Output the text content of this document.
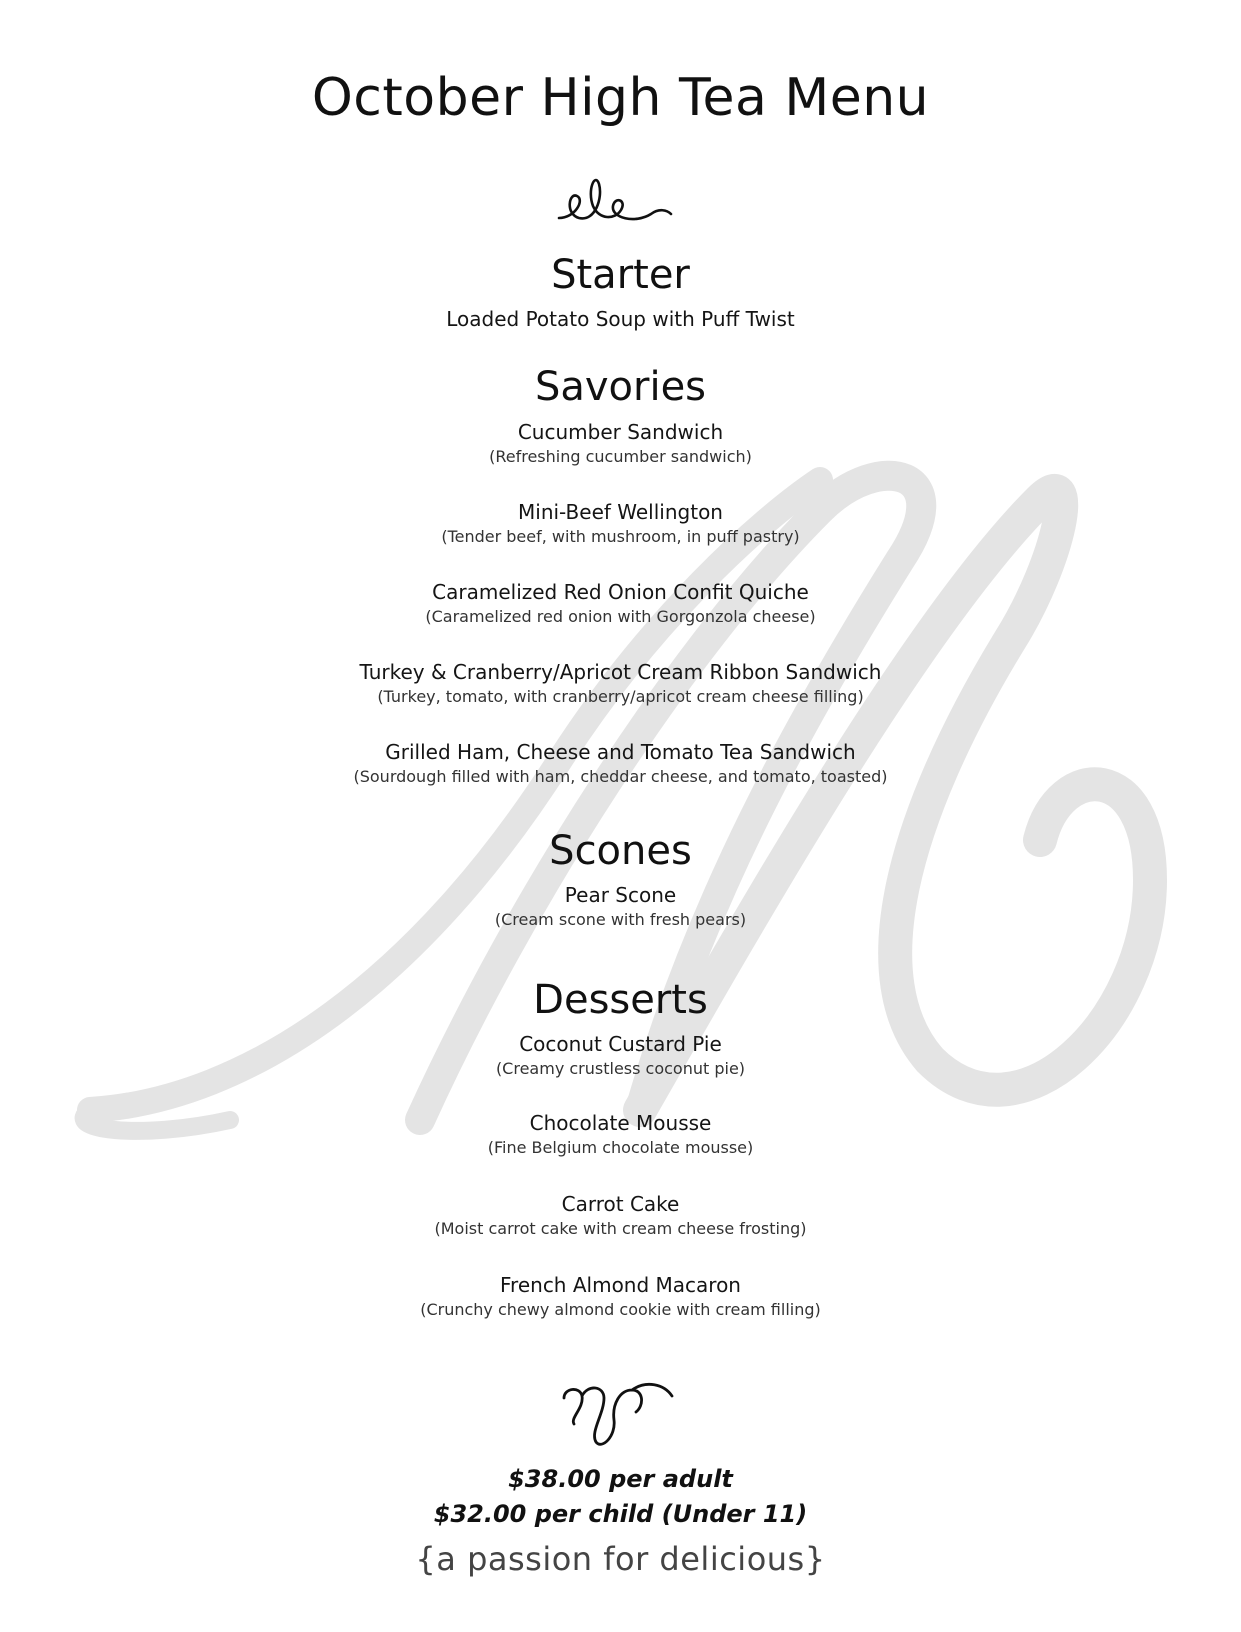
October High Tea Menu
Starter
Loaded Potato Soup with Puff Twist
Savories
Cucumber Sandwich
(Refreshing cucumber sandwich)
Mini-Beef Wellington
(Tender beef, with mushroom, in puff pastry)
Caramelized Red Onion Confit Quiche
(Caramelized red onion with Gorgonzola cheese)
Turkey & Cranberry/Apricot Cream Ribbon Sandwich
(Turkey, tomato, with cranberry/apricot cream cheese filling)
Grilled Ham, Cheese and Tomato Tea Sandwich
(Sourdough filled with ham, cheddar cheese, and tomato, toasted)
Scones
Pear Scone
(Cream scone with fresh pears)
Desserts
Coconut Custard Pie
(Creamy crustless coconut pie)
Chocolate Mousse
(Fine Belgium chocolate mousse)
Carrot Cake
(Moist carrot cake with cream cheese frosting)
French Almond Macaron
(Crunchy chewy almond cookie with cream filling)
$38.00 per adult
$32.00 per child (Under 11)
{a passion for delicious}
